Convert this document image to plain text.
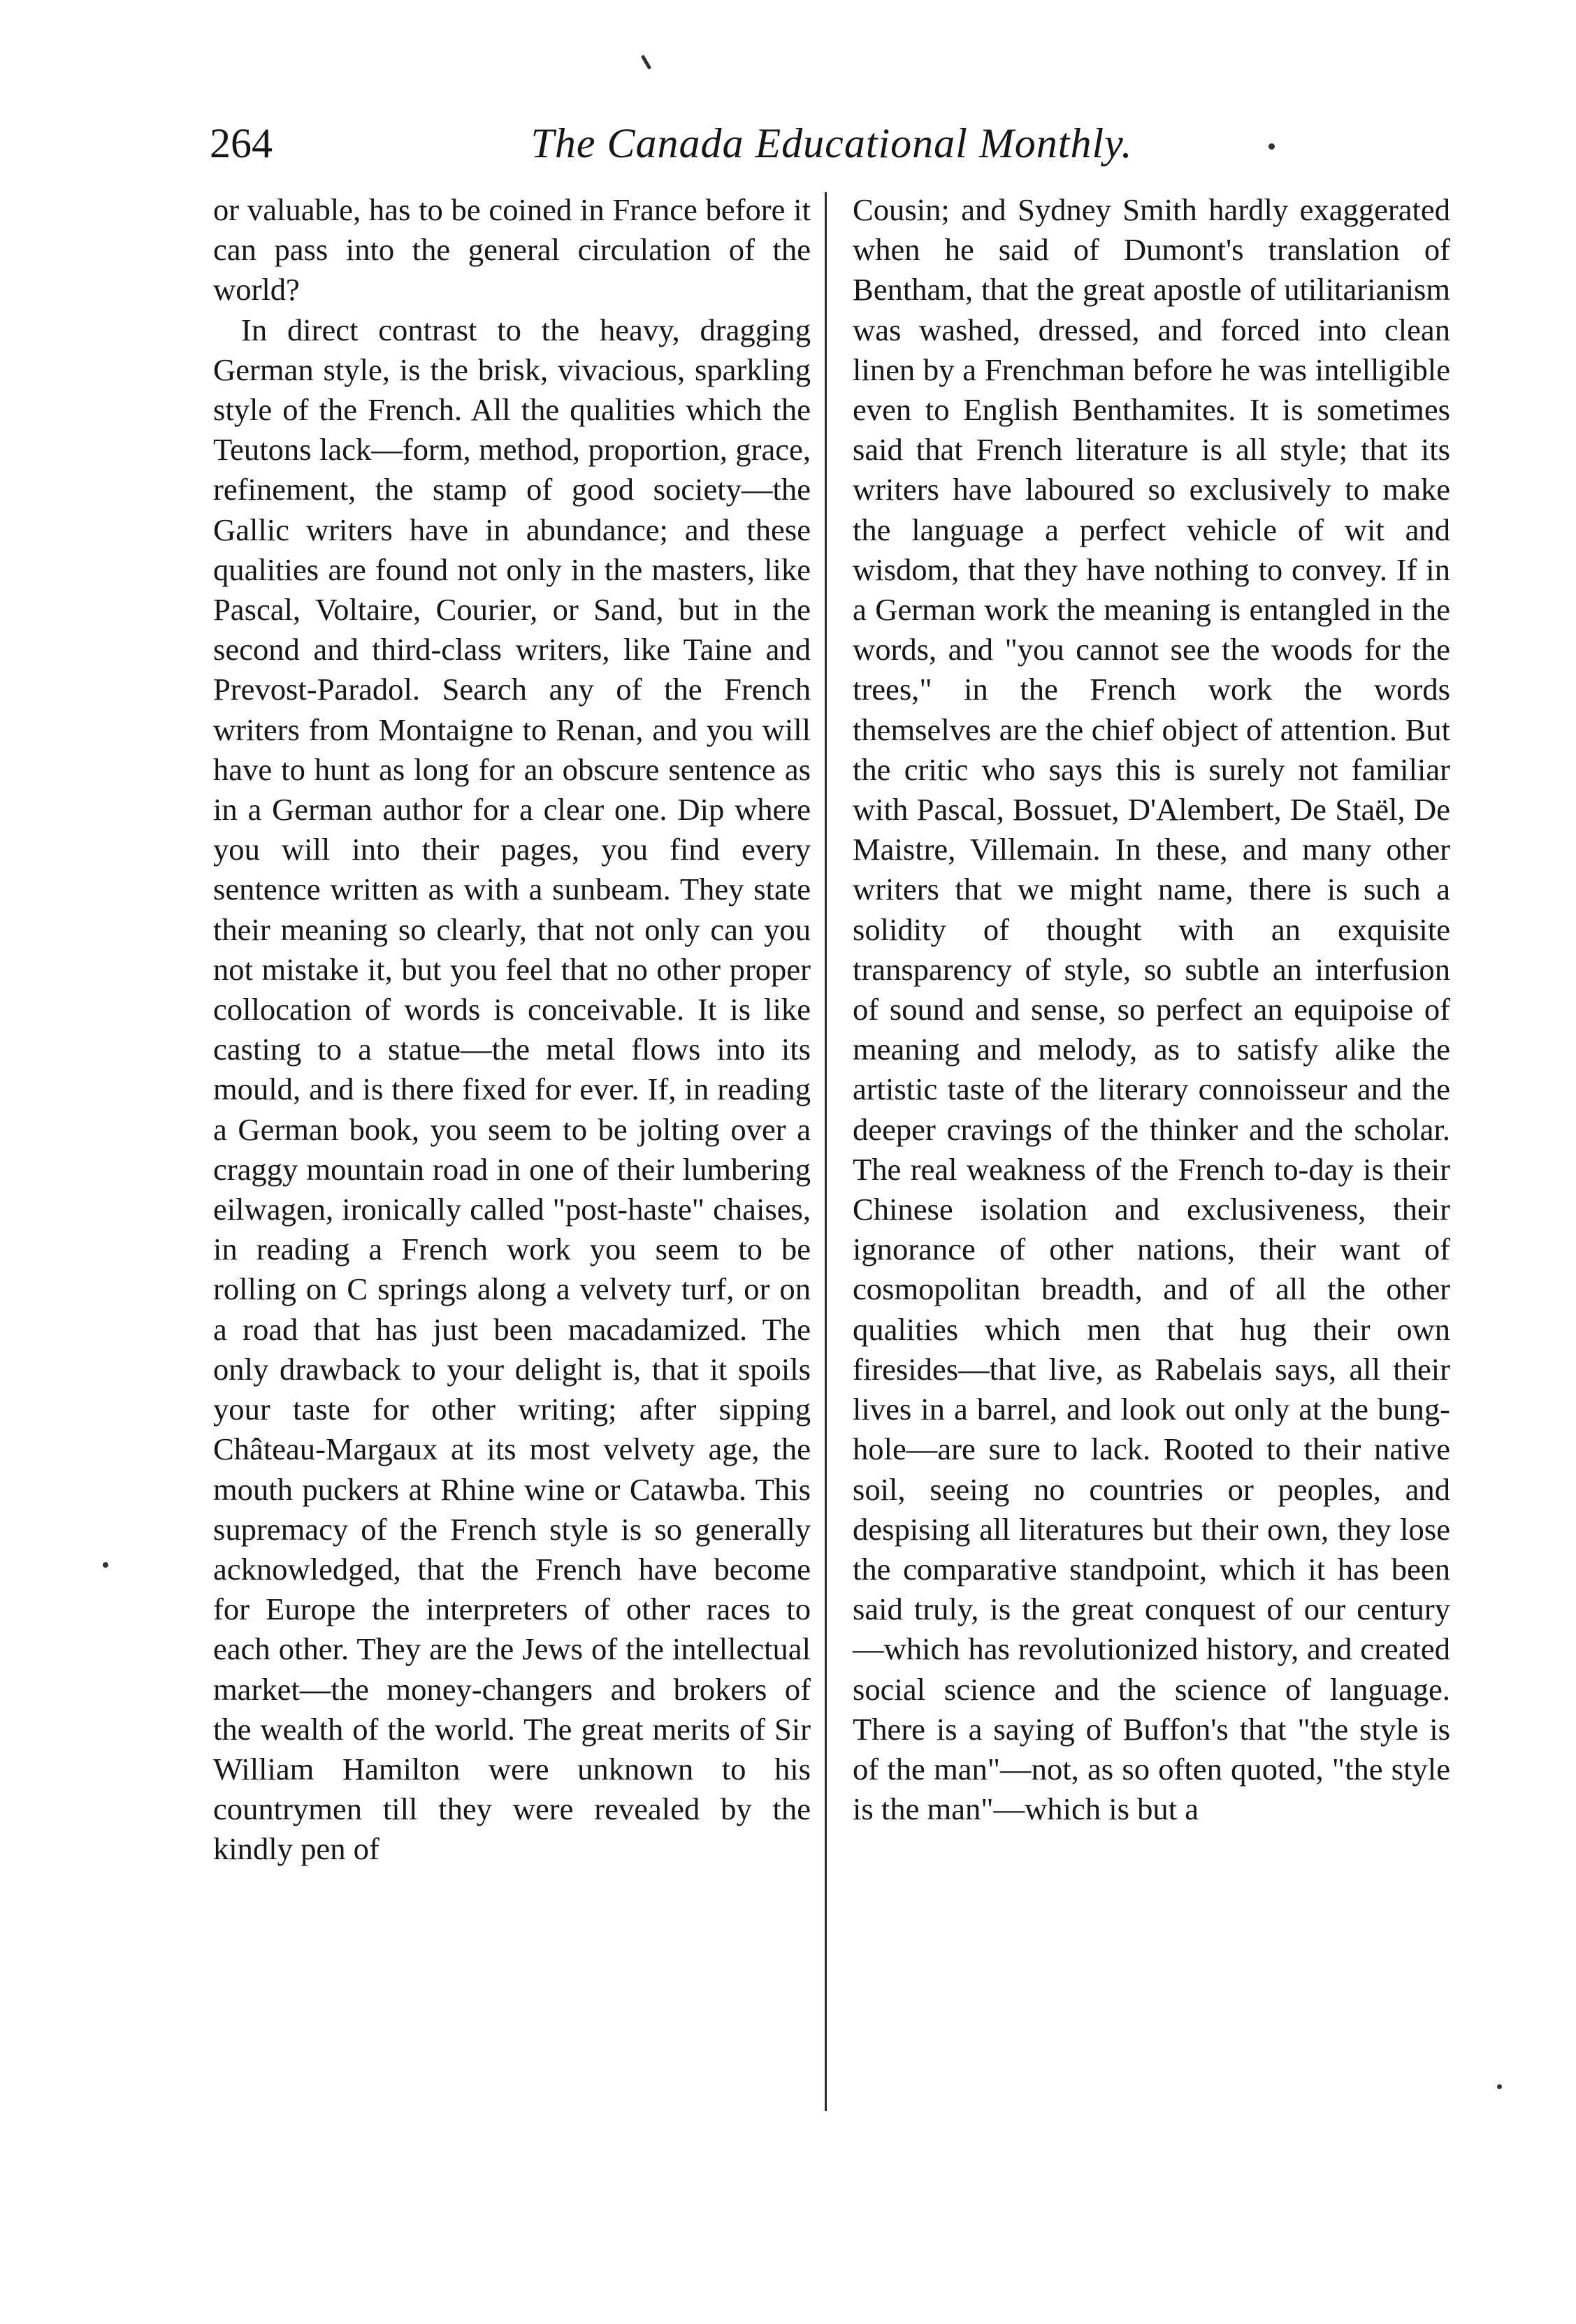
264	The Canada Educational Monthly.

or valuable, has to be coined in France before it can pass into the general circulation of the world?

In direct contrast to the heavy, dragging German style, is the brisk, vivacious, sparkling style of the French. All the qualities which the Teutons lack—form, method, proportion, grace, refinement, the stamp of good society—the Gallic writers have in abundance; and these qualities are found not only in the masters, like Pascal, Voltaire, Courier, or Sand, but in the second and third-class writers, like Taine and Prevost-Paradol. Search any of the French writers from Montaigne to Renan, and you will have to hunt as long for an obscure sentence as in a German author for a clear one. Dip where you will into their pages, you find every sentence written as with a sunbeam. They state their meaning so clearly, that not only can you not mistake it, but you feel that no other proper collocation of words is conceivable. It is like casting to a statue—the metal flows into its mould, and is there fixed for ever. If, in reading a German book, you seem to be jolting over a craggy mountain road in one of their lumbering eilwagen, ironically called "post-haste" chaises, in reading a French work you seem to be rolling on C springs along a velvety turf, or on a road that has just been macadamized. The only drawback to your delight is, that it spoils your taste for other writing; after sipping Château-Margaux at its most velvety age, the mouth puckers at Rhine wine or Catawba. This supremacy of the French style is so generally acknowledged, that the French have become for Europe the interpreters of other races to each other. They are the Jews of the intellectual market—the money-changers and brokers of the wealth of the world. The great merits of Sir William Hamilton were unknown to his countrymen till they were revealed by the kindly pen of

Cousin; and Sydney Smith hardly exaggerated when he said of Dumont's translation of Bentham, that the great apostle of utilitarianism was washed, dressed, and forced into clean linen by a Frenchman before he was intelligible even to English Benthamites. It is sometimes said that French literature is all style; that its writers have laboured so exclusively to make the language a perfect vehicle of wit and wisdom, that they have nothing to convey. If in a German work the meaning is entangled in the words, and "you cannot see the woods for the trees," in the French work the words themselves are the chief object of attention. But the critic who says this is surely not familiar with Pascal, Bossuet, D'Alembert, De Staël, De Maistre, Villemain. In these, and many other writers that we might name, there is such a solidity of thought with an exquisite transparency of style, so subtle an interfusion of sound and sense, so perfect an equipoise of meaning and melody, as to satisfy alike the artistic taste of the literary connoisseur and the deeper cravings of the thinker and the scholar. The real weakness of the French to-day is their Chinese isolation and exclusiveness, their ignorance of other nations, their want of cosmopolitan breadth, and of all the other qualities which men that hug their own firesides—that live, as Rabelais says, all their lives in a barrel, and look out only at the bung-hole—are sure to lack. Rooted to their native soil, seeing no countries or peoples, and despising all literatures but their own, they lose the comparative standpoint, which it has been said truly, is the great conquest of our century—which has revolutionized history, and created social science and the science of language. There is a saying of Buffon's that "the style is of the man"—not, as so often quoted, "the style is the man"—which is but a
